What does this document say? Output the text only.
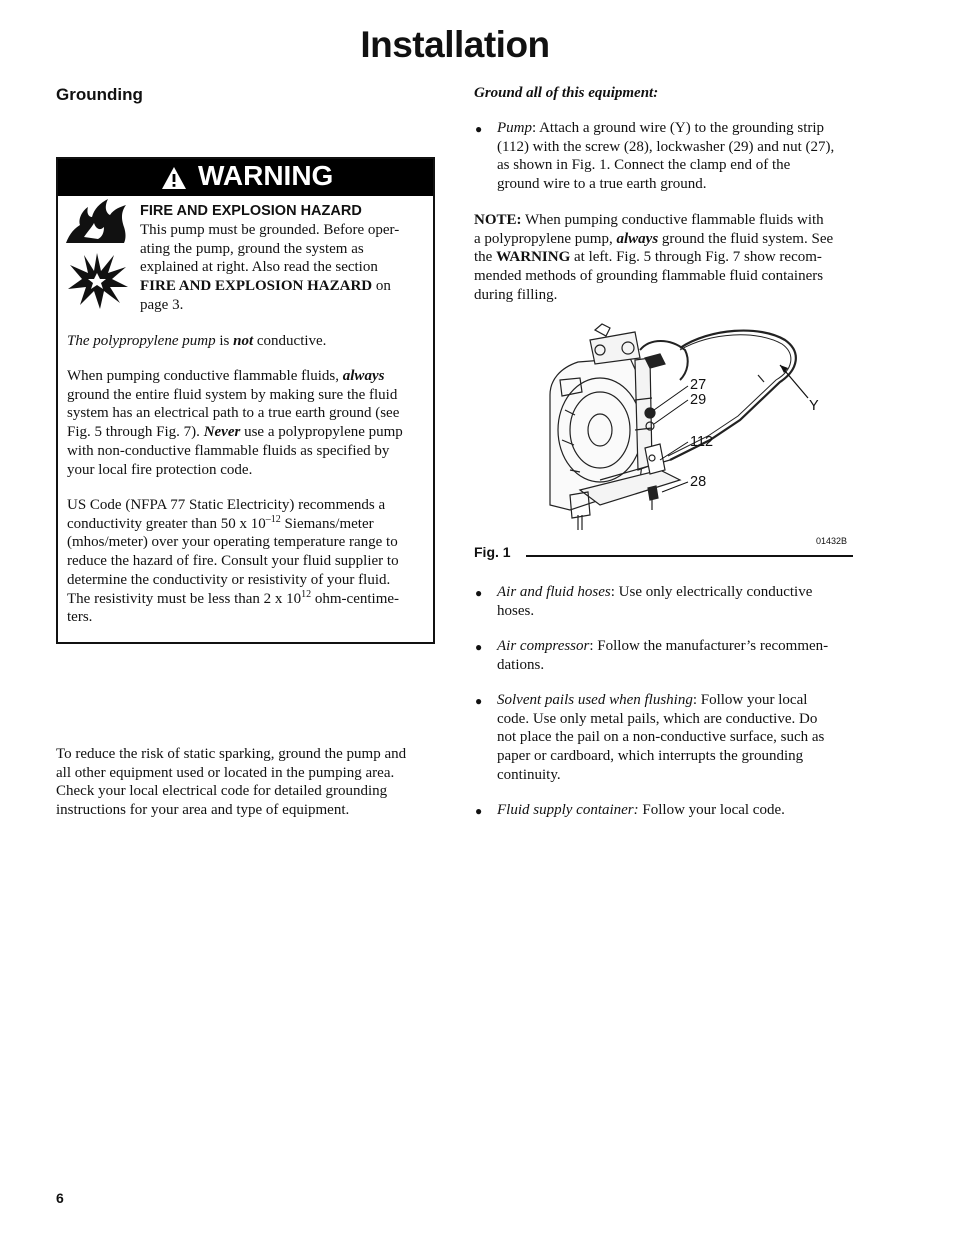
Installation
Grounding
WARNING
FIRE AND EXPLOSION HAZARD
This pump must be grounded. Before oper-
ating the pump, ground the system as
explained at right. Also read the section
FIRE AND EXPLOSION HAZARD on
page 3.
The polypropylene pump is not conductive.
When pumping conductive flammable fluids, always
ground the entire fluid system by making sure the fluid
system has an electrical path to a true earth ground (see
Fig. 5 through Fig. 7). Never use a polypropylene pump
with non-conductive flammable fluids as specified by
your local fire protection code.
US Code (NFPA 77 Static Electricity) recommends a
conductivity greater than 50 x $10^{-12}$ Siemans/meter
(mhos/meter) over your operating temperature range to
reduce the hazard of fire. Consult your fluid supplier to
determine the conductivity or resistivity of your fluid.
The resistivity must be less than 2 x $10^{12}$ ohm-centime-
ters.
To reduce the risk of static sparking, ground the pump and
all other equipment used or located in the pumping area.
Check your local electrical code for detailed grounding
instructions for your area and type of equipment.
Ground all of this equipment:
● Pump: Attach a ground wire (Y) to the grounding strip
(112) with the screw (28), lockwasher (29) and nut (27),
as shown in Fig. 1. Connect the clamp end of the
ground wire to a true earth ground.
NOTE: When pumping conductive flammable fluids with
a polypropylene pump, always ground the fluid system. See
the WARNING at left. Fig. 5 through Fig. 7 show recom-
mended methods of grounding flammable fluid containers
during filling.
27
29
112
28
Y
01432B
Fig. 1
● Air and fluid hoses: Use only electrically conductive
hoses.
● Air compressor: Follow the manufacturer’s recommen-
dations.
● Solvent pails used when flushing: Follow your local
code. Use only metal pails, which are conductive. Do
not place the pail on a non-conductive surface, such as
paper or cardboard, which interrupts the grounding
continuity.
● Fluid supply container: Follow your local code.
6
